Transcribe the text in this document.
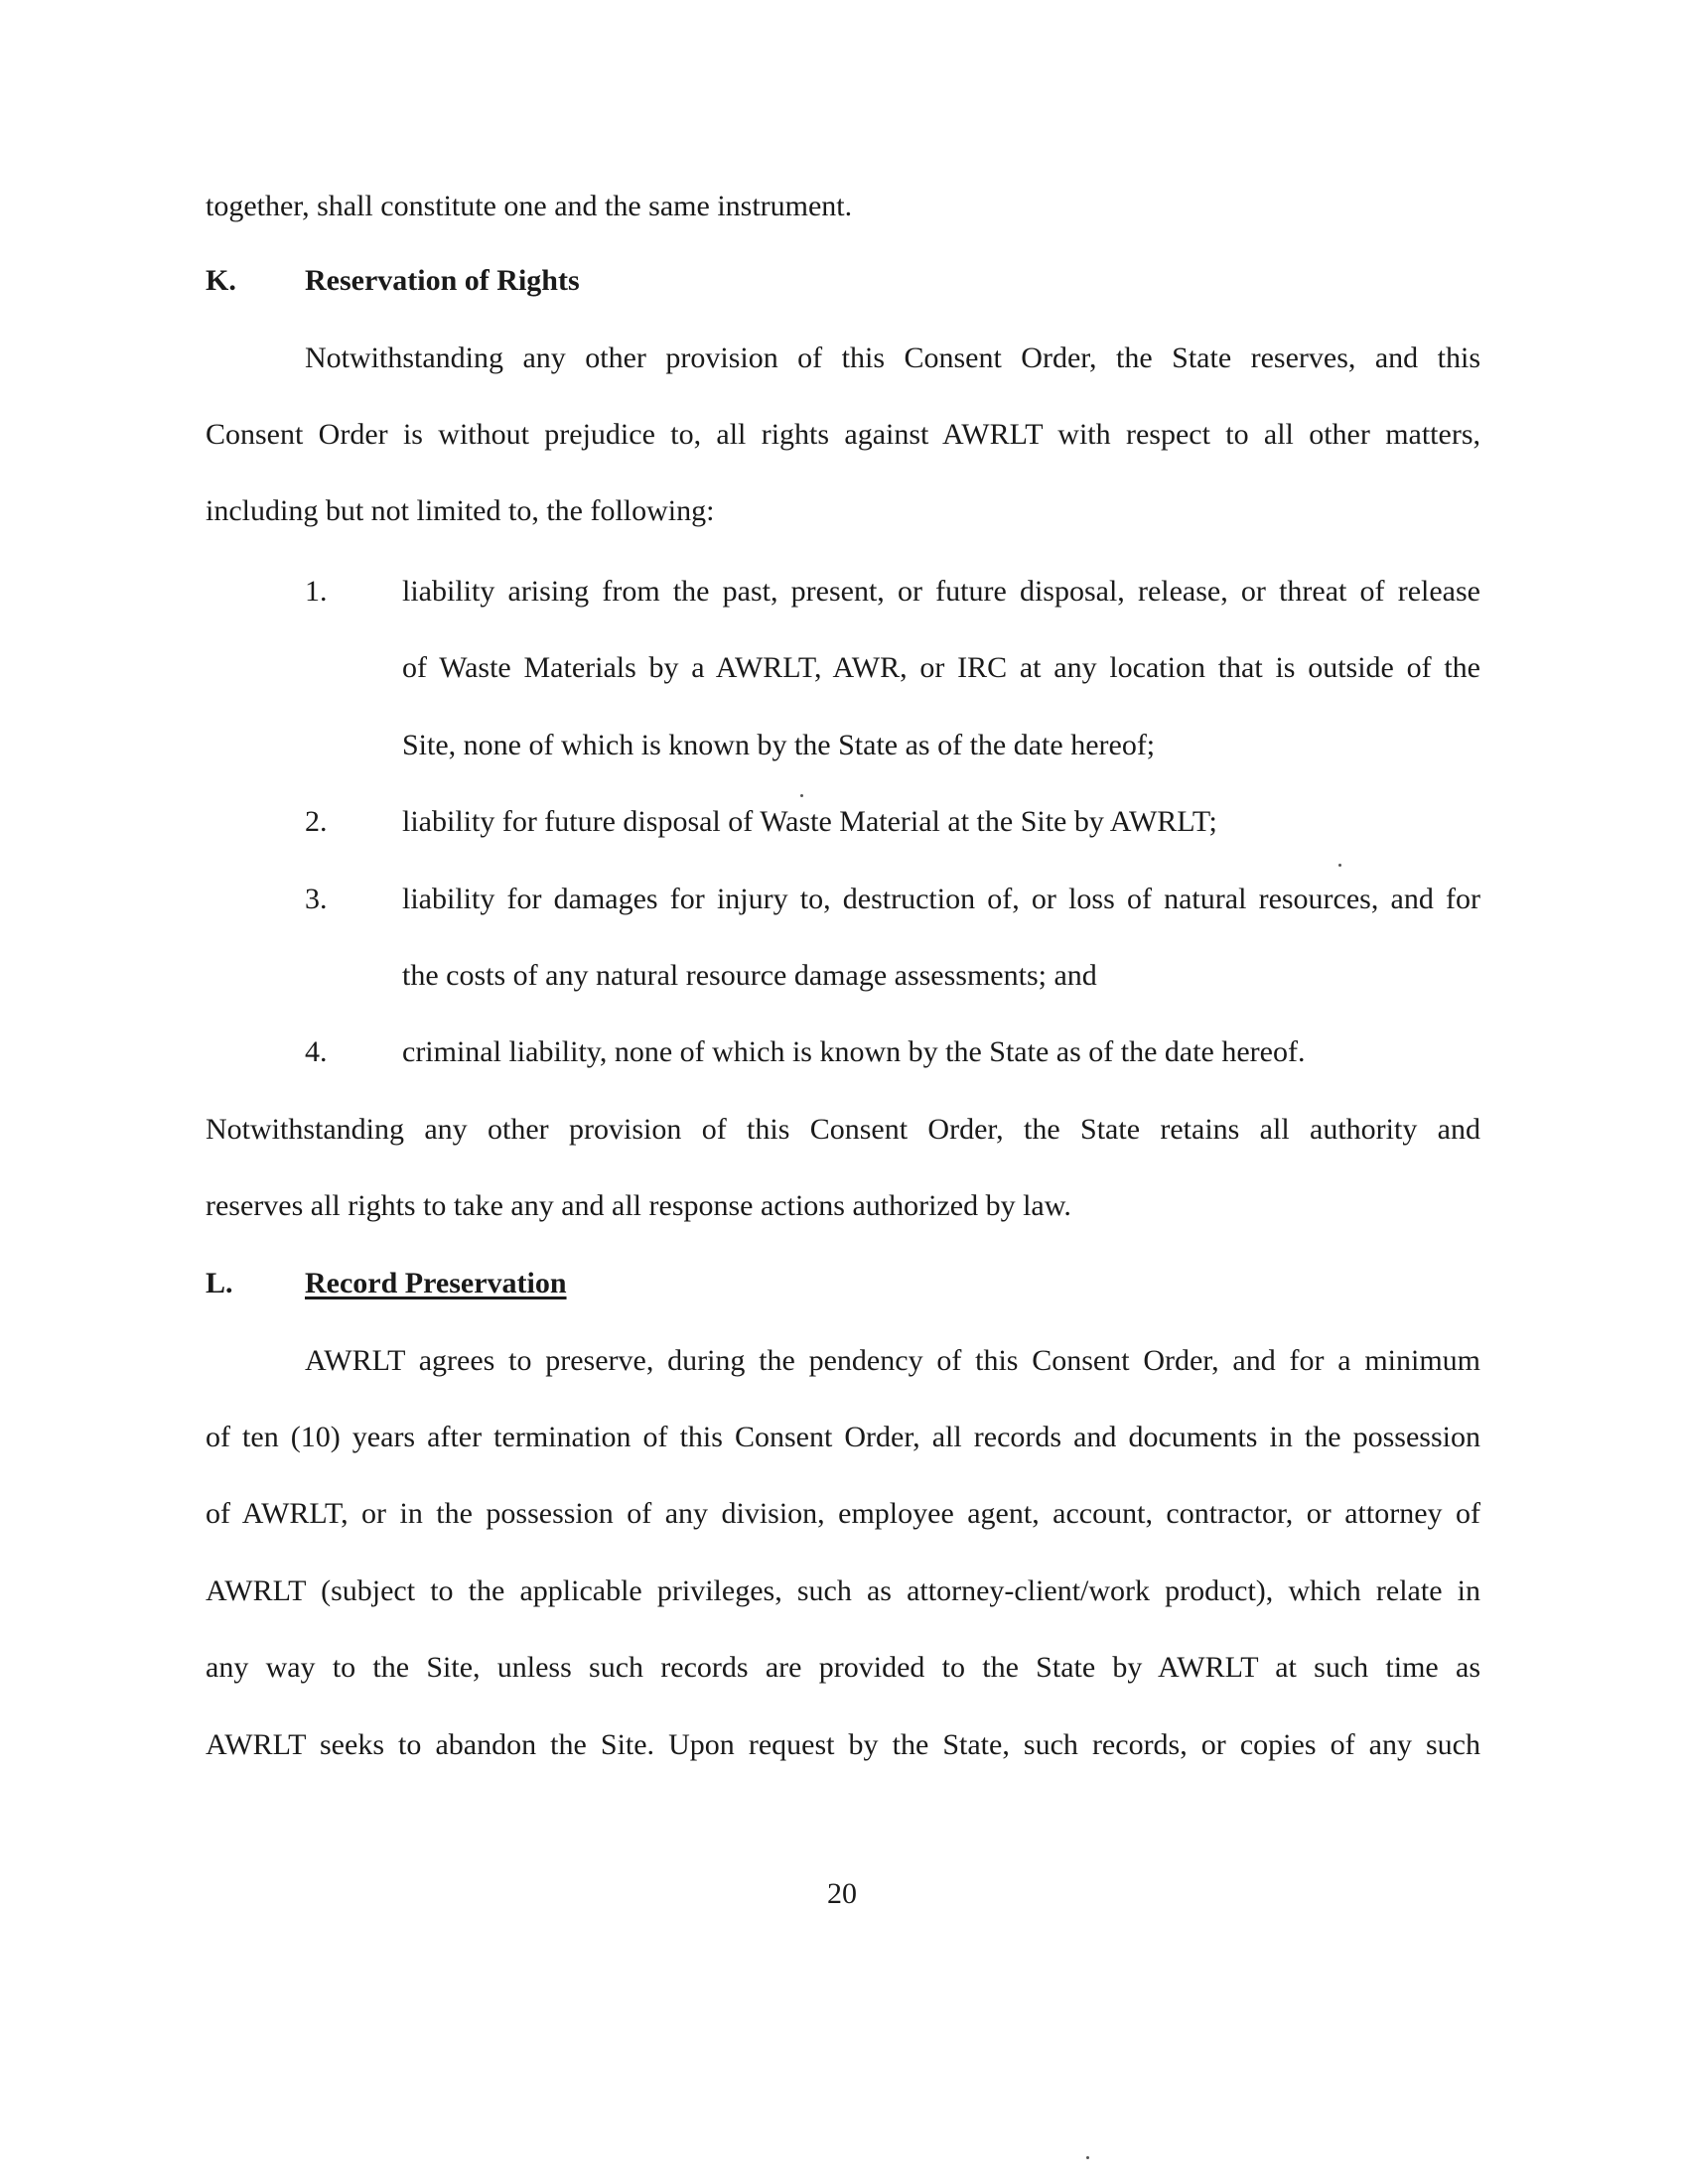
together, shall constitute one and the same instrument.
K. Reservation of Rights
Notwithstanding any other provision of this Consent Order, the State reserves, and this
Consent Order is without prejudice to, all rights against AWRLT with respect to all other matters,
including but not limited to, the following:
1.	liability arising from the past, present, or future disposal, release, or threat of release
of Waste Materials by a AWRLT, AWR, or IRC at any location that is outside of the
Site, none of which is known by the State as of the date hereof;
2.	liability for future disposal of Waste Material at the Site by AWRLT;
3.	liability for damages for injury to, destruction of, or loss of natural resources, and for
the costs of any natural resource damage assessments; and
4.	criminal liability, none of which is known by the State as of the date hereof.
Notwithstanding any other provision of this Consent Order, the State retains all authority and
reserves all rights to take any and all response actions authorized by law.
L. Record Preservation
AWRLT agrees to preserve, during the pendency of this Consent Order, and for a minimum
of ten (10) years after termination of this Consent Order, all records and documents in the possession
of AWRLT, or in the possession of any division, employee agent, account, contractor, or attorney of
AWRLT (subject to the applicable privileges, such as attorney-client/work product), which relate in
any way to the Site, unless such records are provided to the State by AWRLT at such time as
AWRLT seeks to abandon the Site. Upon request by the State, such records, or copies of any such
20
